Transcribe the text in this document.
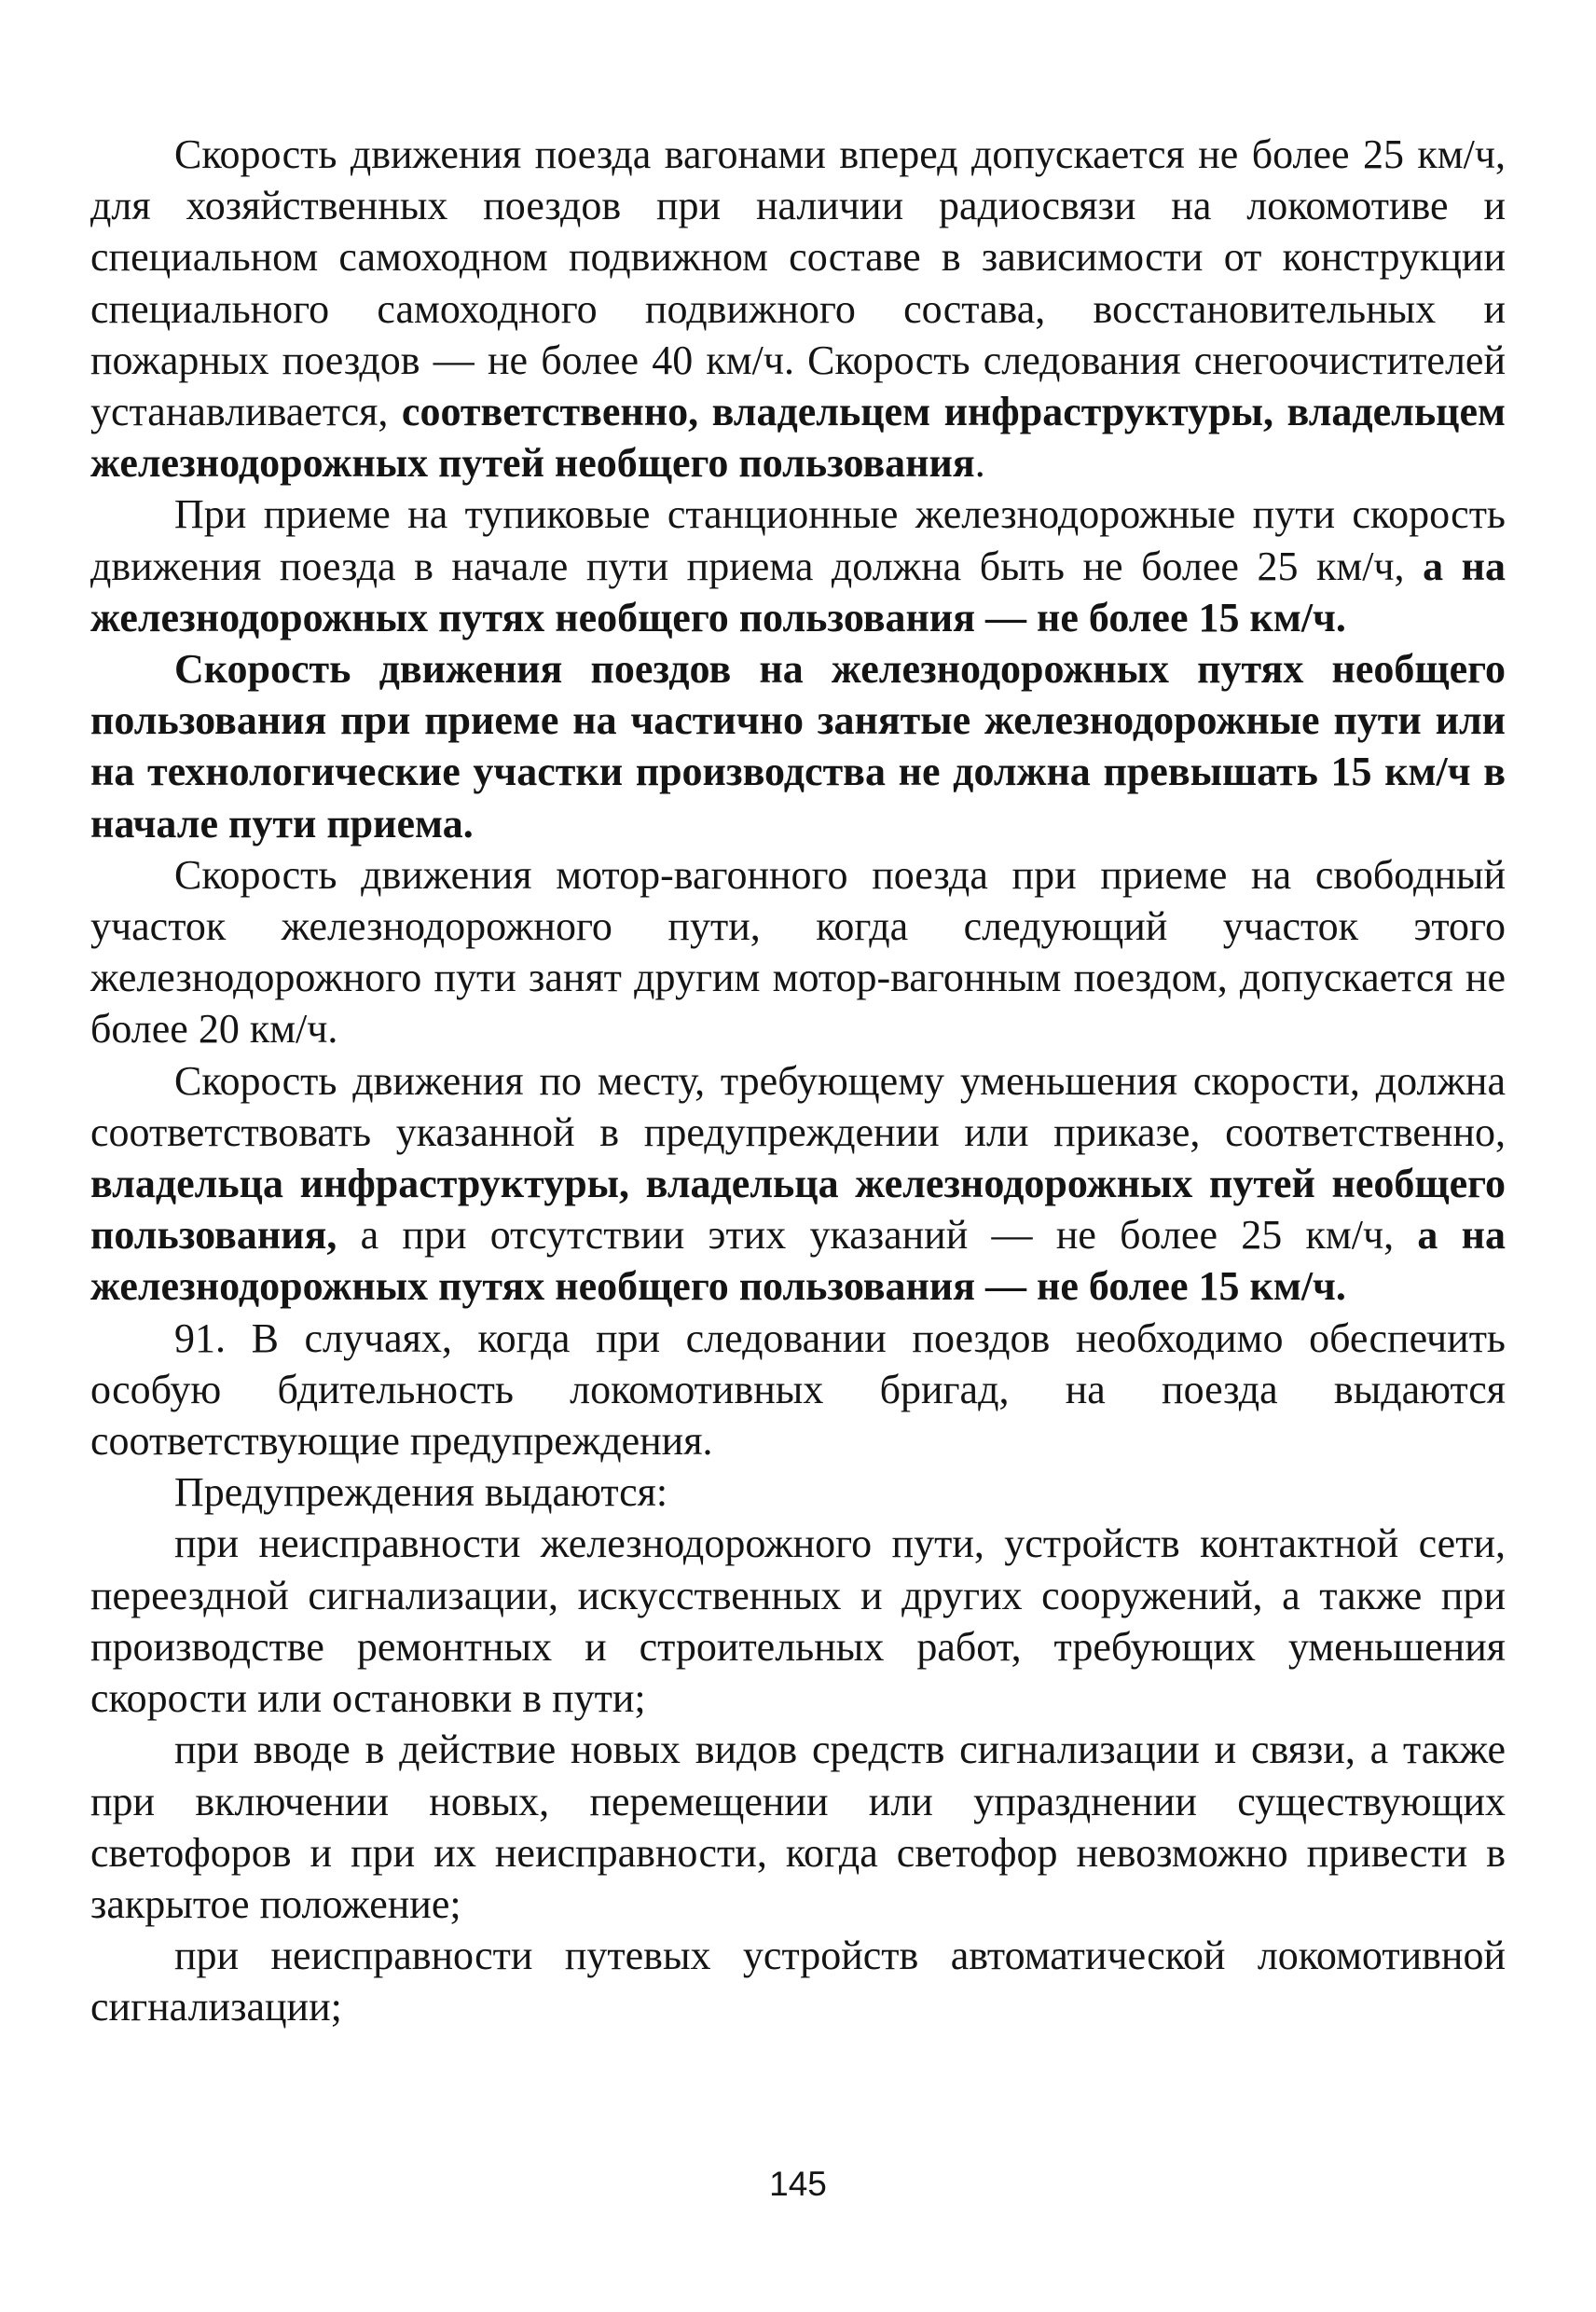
Скорость движения поезда вагонами вперед допускается не более 25 км/ч, для хозяйственных поездов при наличии радиосвязи на локомотиве и специальном самоходном подвижном составе в зависимости от конструкции специального самоходного подвижного состава, восстановительных и пожарных поездов — не более 40 км/ч. Скорость следования снегоочистителей устанавливается, соответственно, владельцем инфраструктуры, владельцем железнодорожных путей необщего пользования.

При приеме на тупиковые станционные железнодорожные пути скорость движения поезда в начале пути приема должна быть не более 25 км/ч, а на железнодорожных путях необщего пользования — не более 15 км/ч.

Скорость движения поездов на железнодорожных путях необщего пользования при приеме на частично занятые железнодорожные пути или на технологические участки производства не должна превышать 15 км/ч в начале пути приема.

Скорость движения мотор-вагонного поезда при приеме на свободный участок железнодорожного пути, когда следующий участок этого железнодорожного пути занят другим мотор-вагонным поездом, допускается не более 20 км/ч.

Скорость движения по месту, требующему уменьшения скорости, должна соответствовать указанной в предупреждении или приказе, соответственно, владельца инфраструктуры, владельца железнодорожных путей необщего пользования, а при отсутствии этих указаний — не более 25 км/ч, а на железнодорожных путях необщего пользования — не более 15 км/ч.

91. В случаях, когда при следовании поездов необходимо обеспечить особую бдительность локомотивных бригад, на поезда выдаются соответствующие предупреждения.

Предупреждения выдаются:

при неисправности железнодорожного пути, устройств контактной сети, переездной сигнализации, искусственных и других сооружений, а также при производстве ремонтных и строительных работ, требующих уменьшения скорости или остановки в пути;

при вводе в действие новых видов средств сигнализации и связи, а также при включении новых, перемещении или упразднении существующих светофоров и при их неисправности, когда светофор невозможно привести в закрытое положение;

при неисправности путевых устройств автоматической локомотивной сигнализации;

145
